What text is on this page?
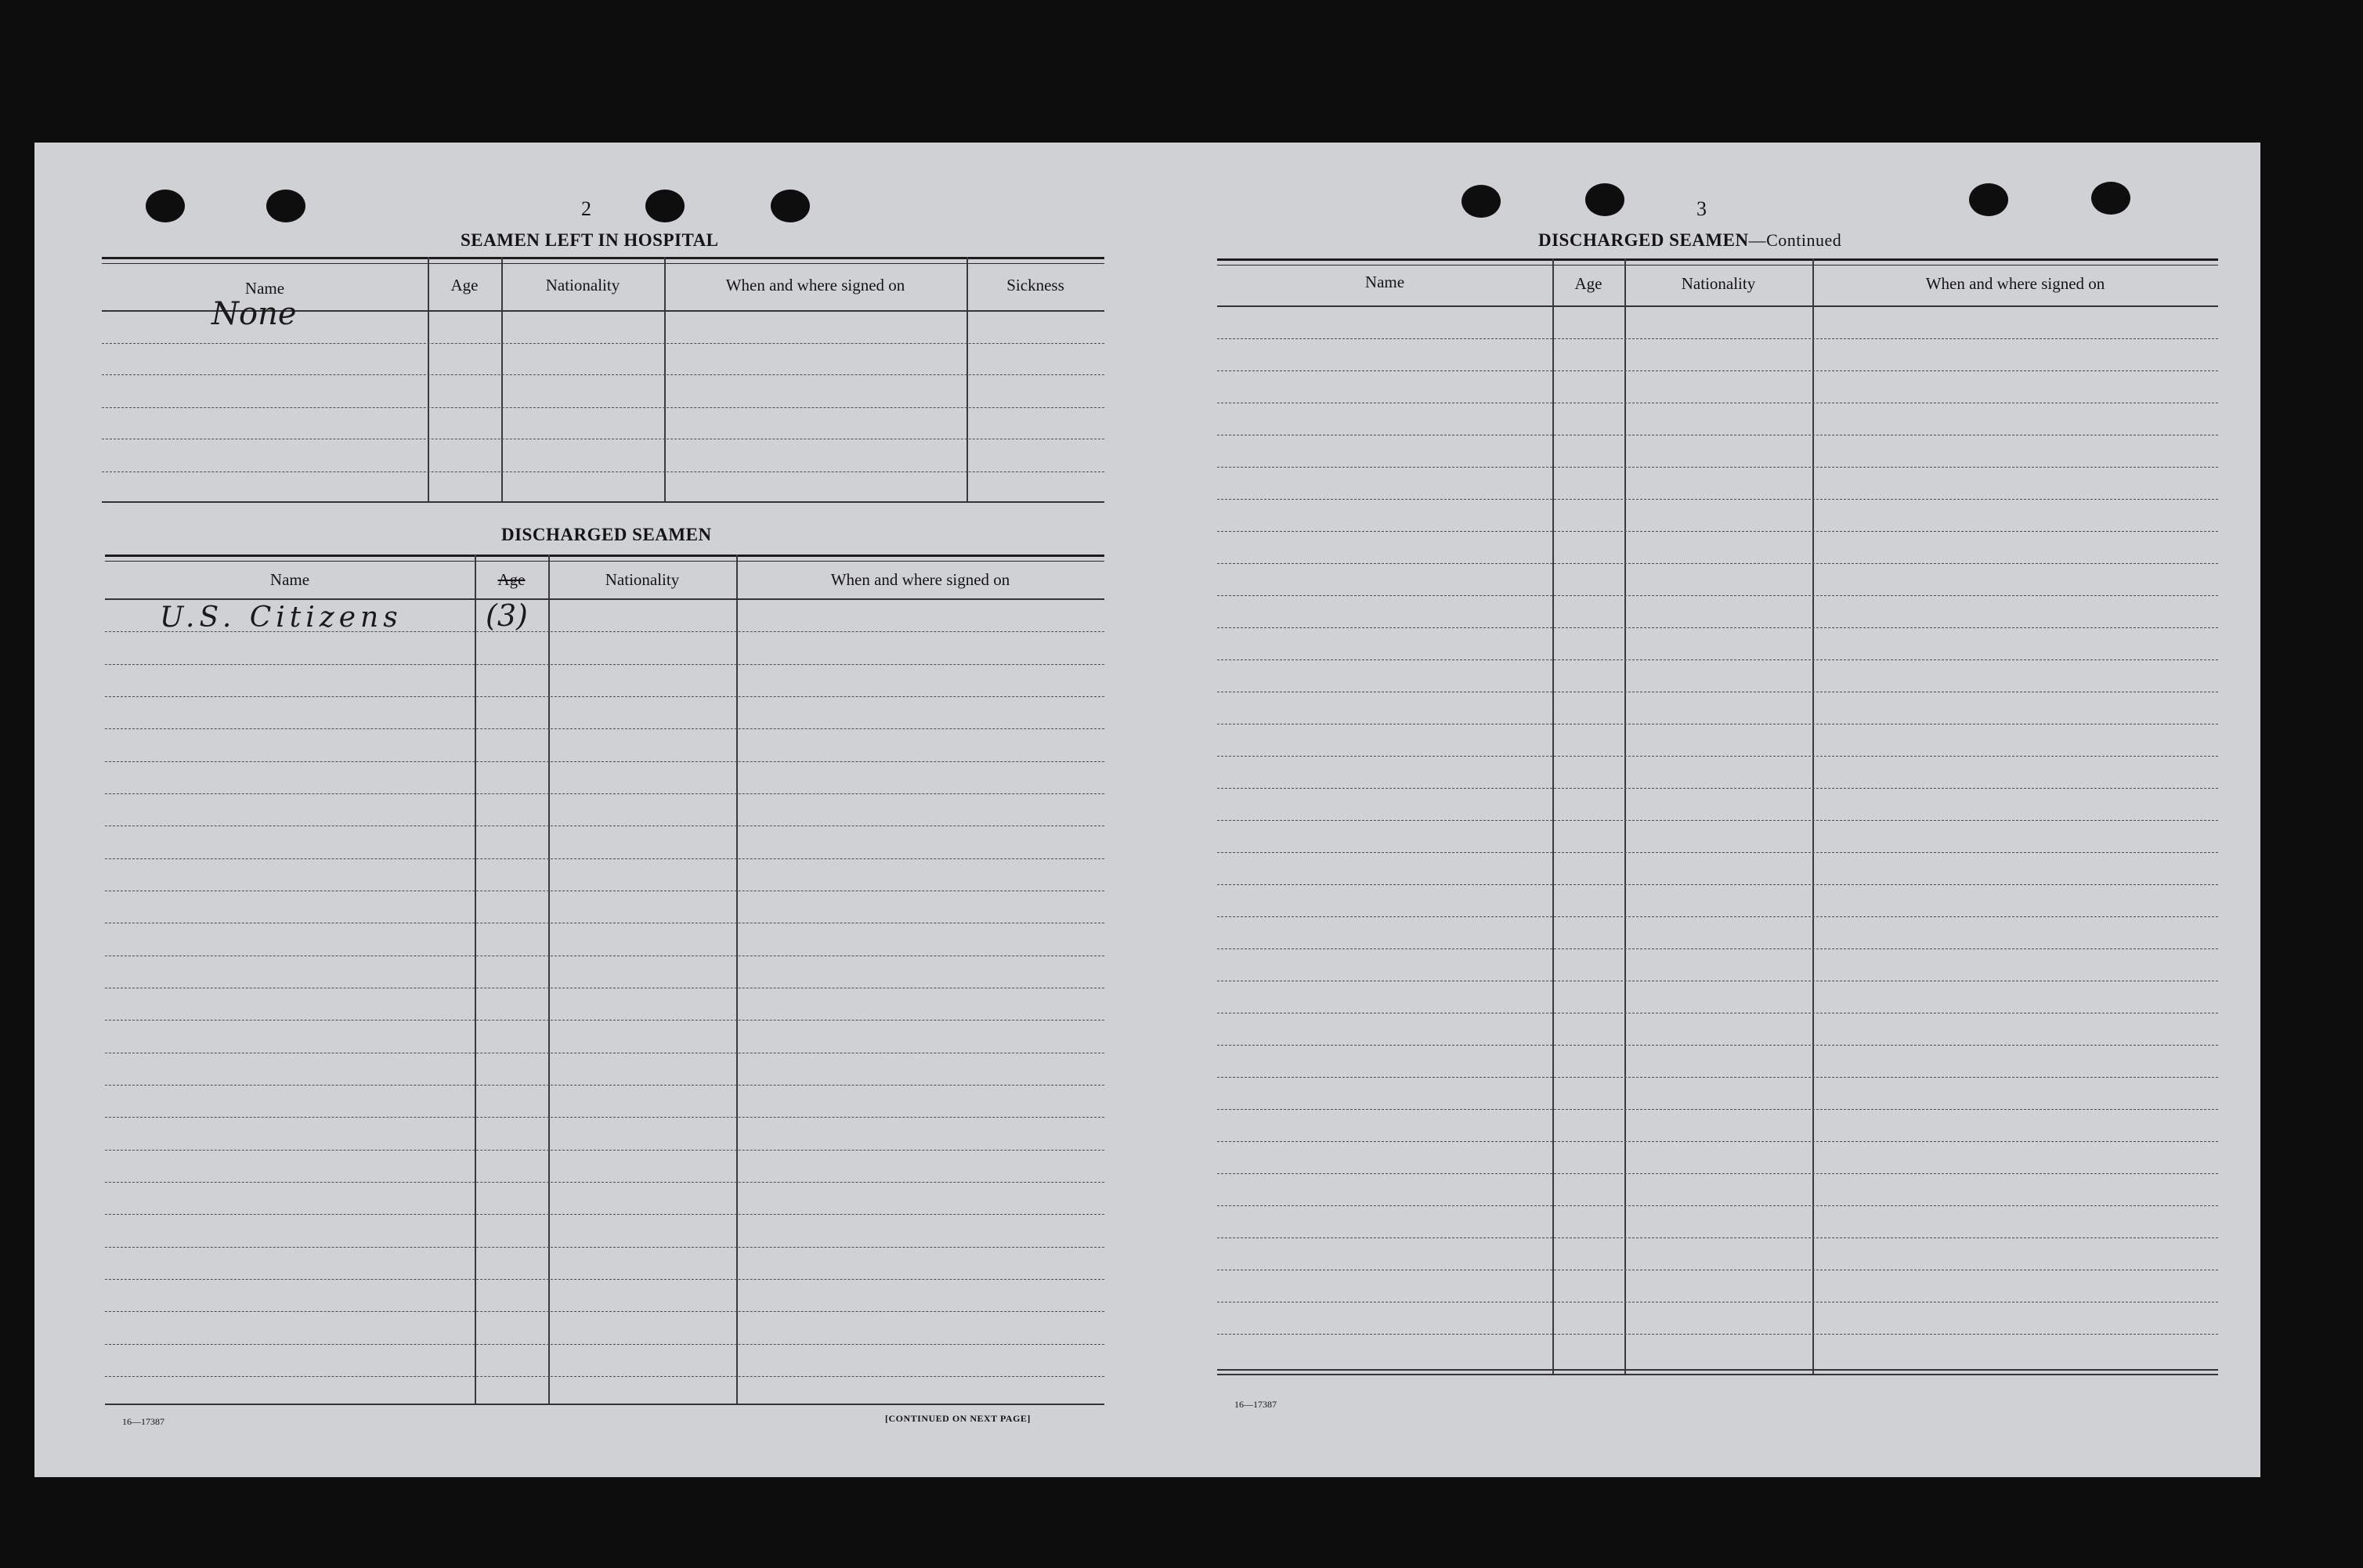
2
SEAMEN LEFT IN HOSPITAL
Name	Age	Nationality	When and where signed on	Sickness
None
DISCHARGED SEAMEN
Name	Age	Nationality	When and where signed on
U.S. Citizens	(3)
16—17387	[CONTINUED ON NEXT PAGE]
3
DISCHARGED SEAMEN—Continued
Name	Age	Nationality	When and where signed on
16—17387
